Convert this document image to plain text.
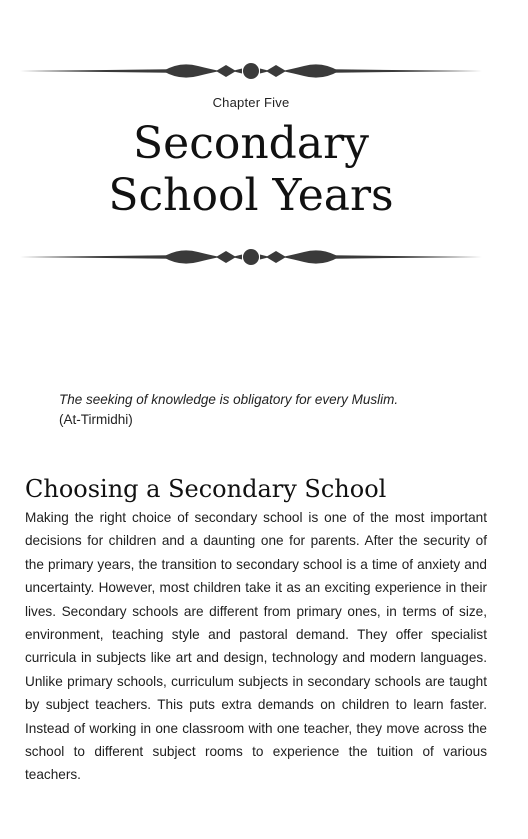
Chapter Five
Secondary
School Years
The seeking of knowledge is obligatory for every Muslim.
(At-Tirmidhi)
Choosing a Secondary School

Making the right choice of secondary school is one of the most important decisions for children and a daunting one for parents. After the security of the primary years, the transition to secondary school is a time of anxiety and uncertainty. However, most children take it as an exciting experience in their lives. Secondary schools are different from primary ones, in terms of size, environment, teaching style and pastoral demand. They offer specialist curricula in subjects like art and design, technology and modern languages. Unlike primary schools, curriculum subjects in secondary schools are taught by subject teachers. This puts extra demands on children to learn faster. Instead of working in one classroom with one teacher, they move across the school to different subject rooms to experience the tuition of various teachers.
